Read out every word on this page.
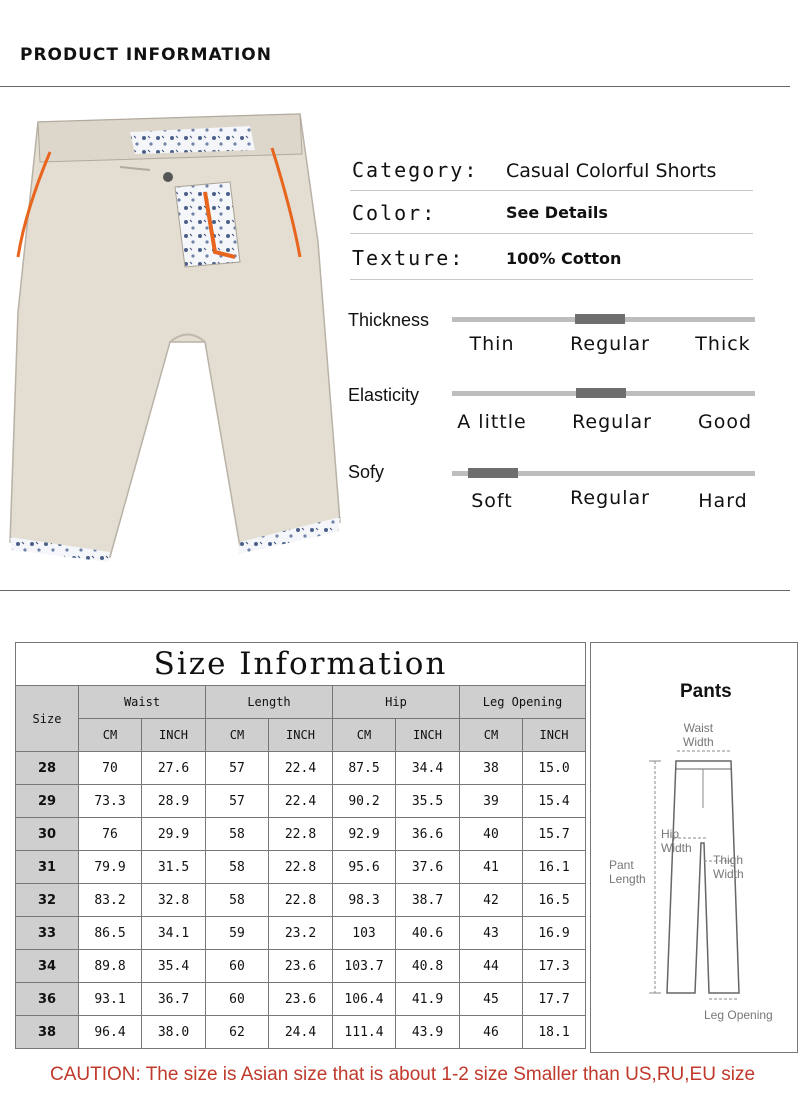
PRODUCT INFORMATION
Category: Casual Colorful Shorts
Color:	See Details
Texture:	100% Cotton
Thickness
Thin	Regular	Thick
Elasticity
A little	Regular	Good
Sofy
Soft	Regular	Hard
Size Information								
Size	Waist		Length		Hip		Leg Opening	
	CM	INCH	CM	INCH	CM	INCH	CM	INCH
28	70	27.6	57	22.4	87.5	34.4	38	15.0
29	73.3	28.9	57	22.4	90.2	35.5	39	15.4
30	76	29.9	58	22.8	92.9	36.6	40	15.7
31	79.9	31.5	58	22.8	95.6	37.6	41	16.1
32	83.2	32.8	58	22.8	98.3	38.7	42	16.5
33	86.5	34.1	59	23.2	103	40.6	43	16.9
34	89.8	35.4	60	23.6	103.7	40.8	44	17.3
36	93.1	36.7	60	23.6	106.4	41.9	45	17.7
38	96.4	38.0	62	24.4	111.4	43.9	46	18.1
Pants
Waist
Width
Hip
Width
Thigh
Width
Pant
Length
Leg Opening
CAUTION: The size is Asian size that is about 1-2 size Smaller than US,RU,EU size
